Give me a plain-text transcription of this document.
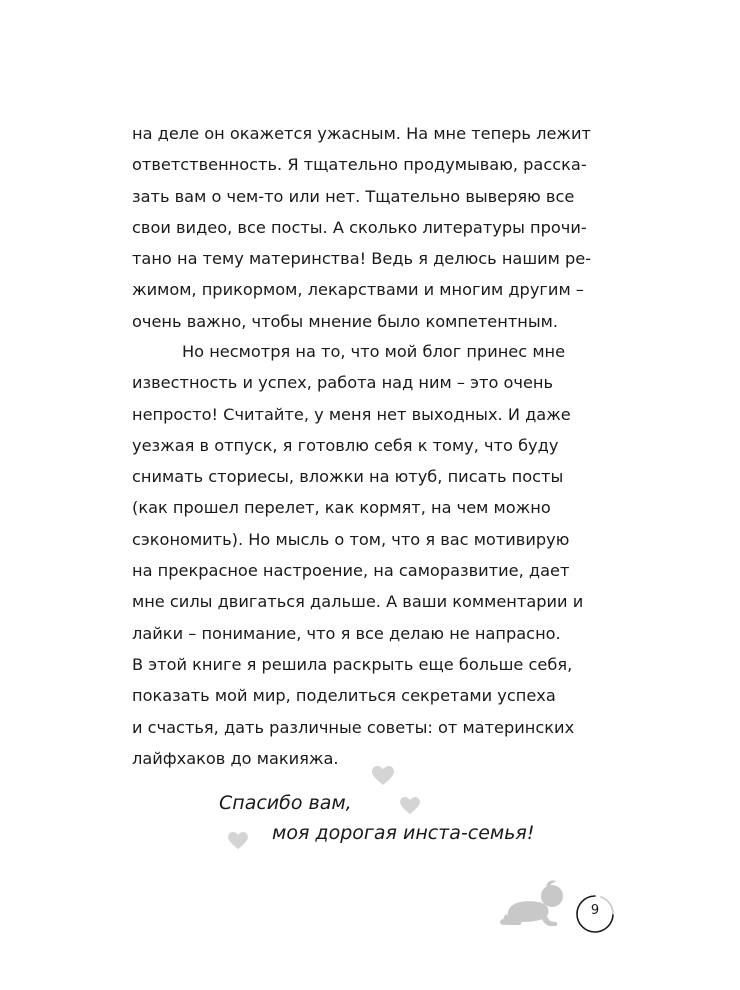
на деле он окажется ужасным. На мне теперь лежит
ответственность. Я тщательно продумываю, расска-
зать вам о чем-то или нет. Тщательно выверяю все
свои видео, все посты. А сколько литературы прочи-
тано на тему материнства! Ведь я делюсь нашим ре-
жимом, прикормом, лекарствами и многим другим –
очень важно, чтобы мнение было компетентным.
Но несмотря на то, что мой блог принес мне
известность и успех, работа над ним – это очень
непросто! Считайте, у меня нет выходных. И даже
уезжая в отпуск, я готовлю себя к тому, что буду
снимать сториесы, вложки на ютуб, писать посты
(как прошел перелет, как кормят, на чем можно
сэкономить). Но мысль о том, что я вас мотивирую
на прекрасное настроение, на саморазвитие, дает
мне силы двигаться дальше. А ваши комментарии и
лайки – понимание, что я все делаю не напрасно.
В этой книге я решила раскрыть еще больше себя,
показать мой мир, поделиться секретами успеха
и счастья, дать различные советы: от материнских
лайфхаков до макияжа.
Спасибо вам,
моя дорогая инста-семья!
9
